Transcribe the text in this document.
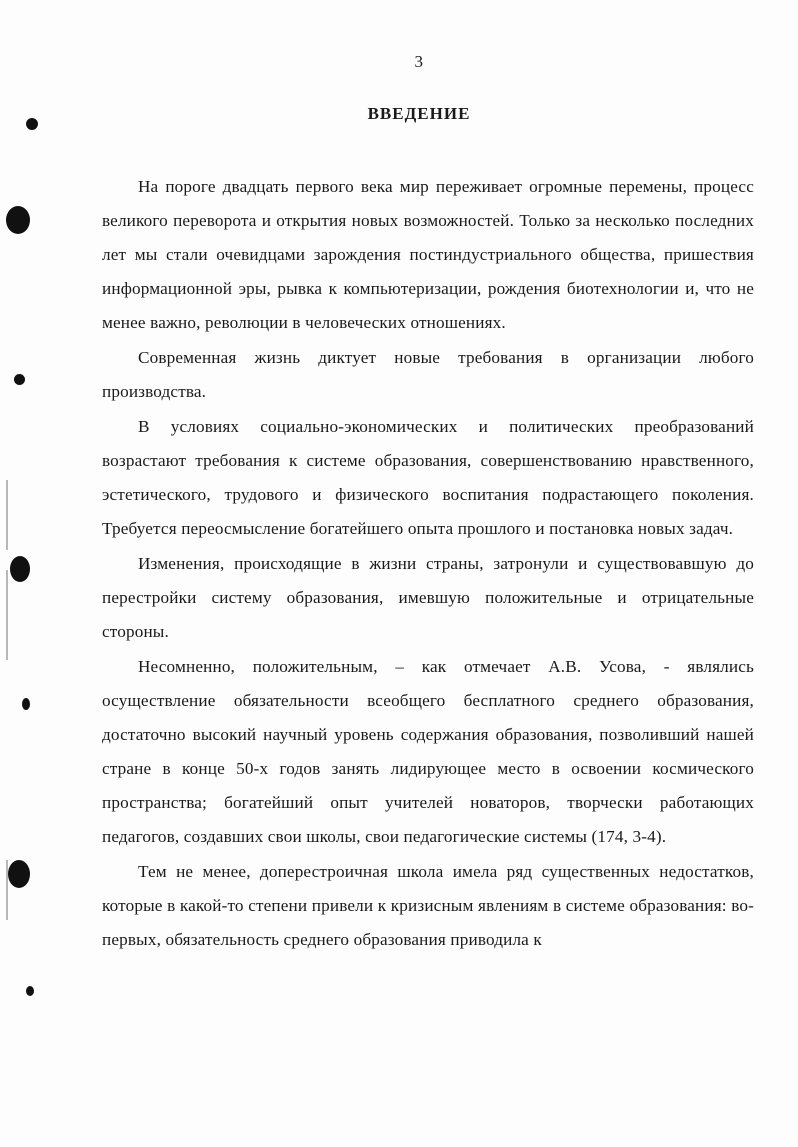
3
ВВЕДЕНИЕ

На пороге двадцать первого века мир переживает огромные перемены, процесс великого переворота и открытия новых возможностей. Только за несколько последних лет мы стали очевидцами зарождения постиндустриального общества, пришествия информационной эры, рывка к компьютеризации, рождения биотехнологии и, что не менее важно, революции в человеческих отношениях.

Современная жизнь диктует новые требования в организации любого производства.

В условиях социально-экономических и политических преобразований возрастают требования к системе образования, совершенствованию нравственного, эстетического, трудового и физического воспитания подрастающего поколения. Требуется переосмысление богатейшего опыта прошлого и постановка новых задач.

Изменения, происходящие в жизни страны, затронули и существовавшую до перестройки систему образования, имевшую положительные и отрицательные стороны.

Несомненно, положительным, – как отмечает А.В. Усова, - являлись осуществление обязательности всеобщего бесплатного среднего образования, достаточно высокий научный уровень содержания образования, позволивший нашей стране в конце 50-х годов занять лидирующее место в освоении космического пространства; богатейший опыт учителей новаторов, творчески работающих педагогов, создавших свои школы, свои педагогические системы (174, 3-4).

Тем не менее, доперестроичная школа имела ряд существенных недостатков, которые в какой-то степени привели к кризисным явлениям в системе образования: во-первых, обязательность среднего образования приводила к
